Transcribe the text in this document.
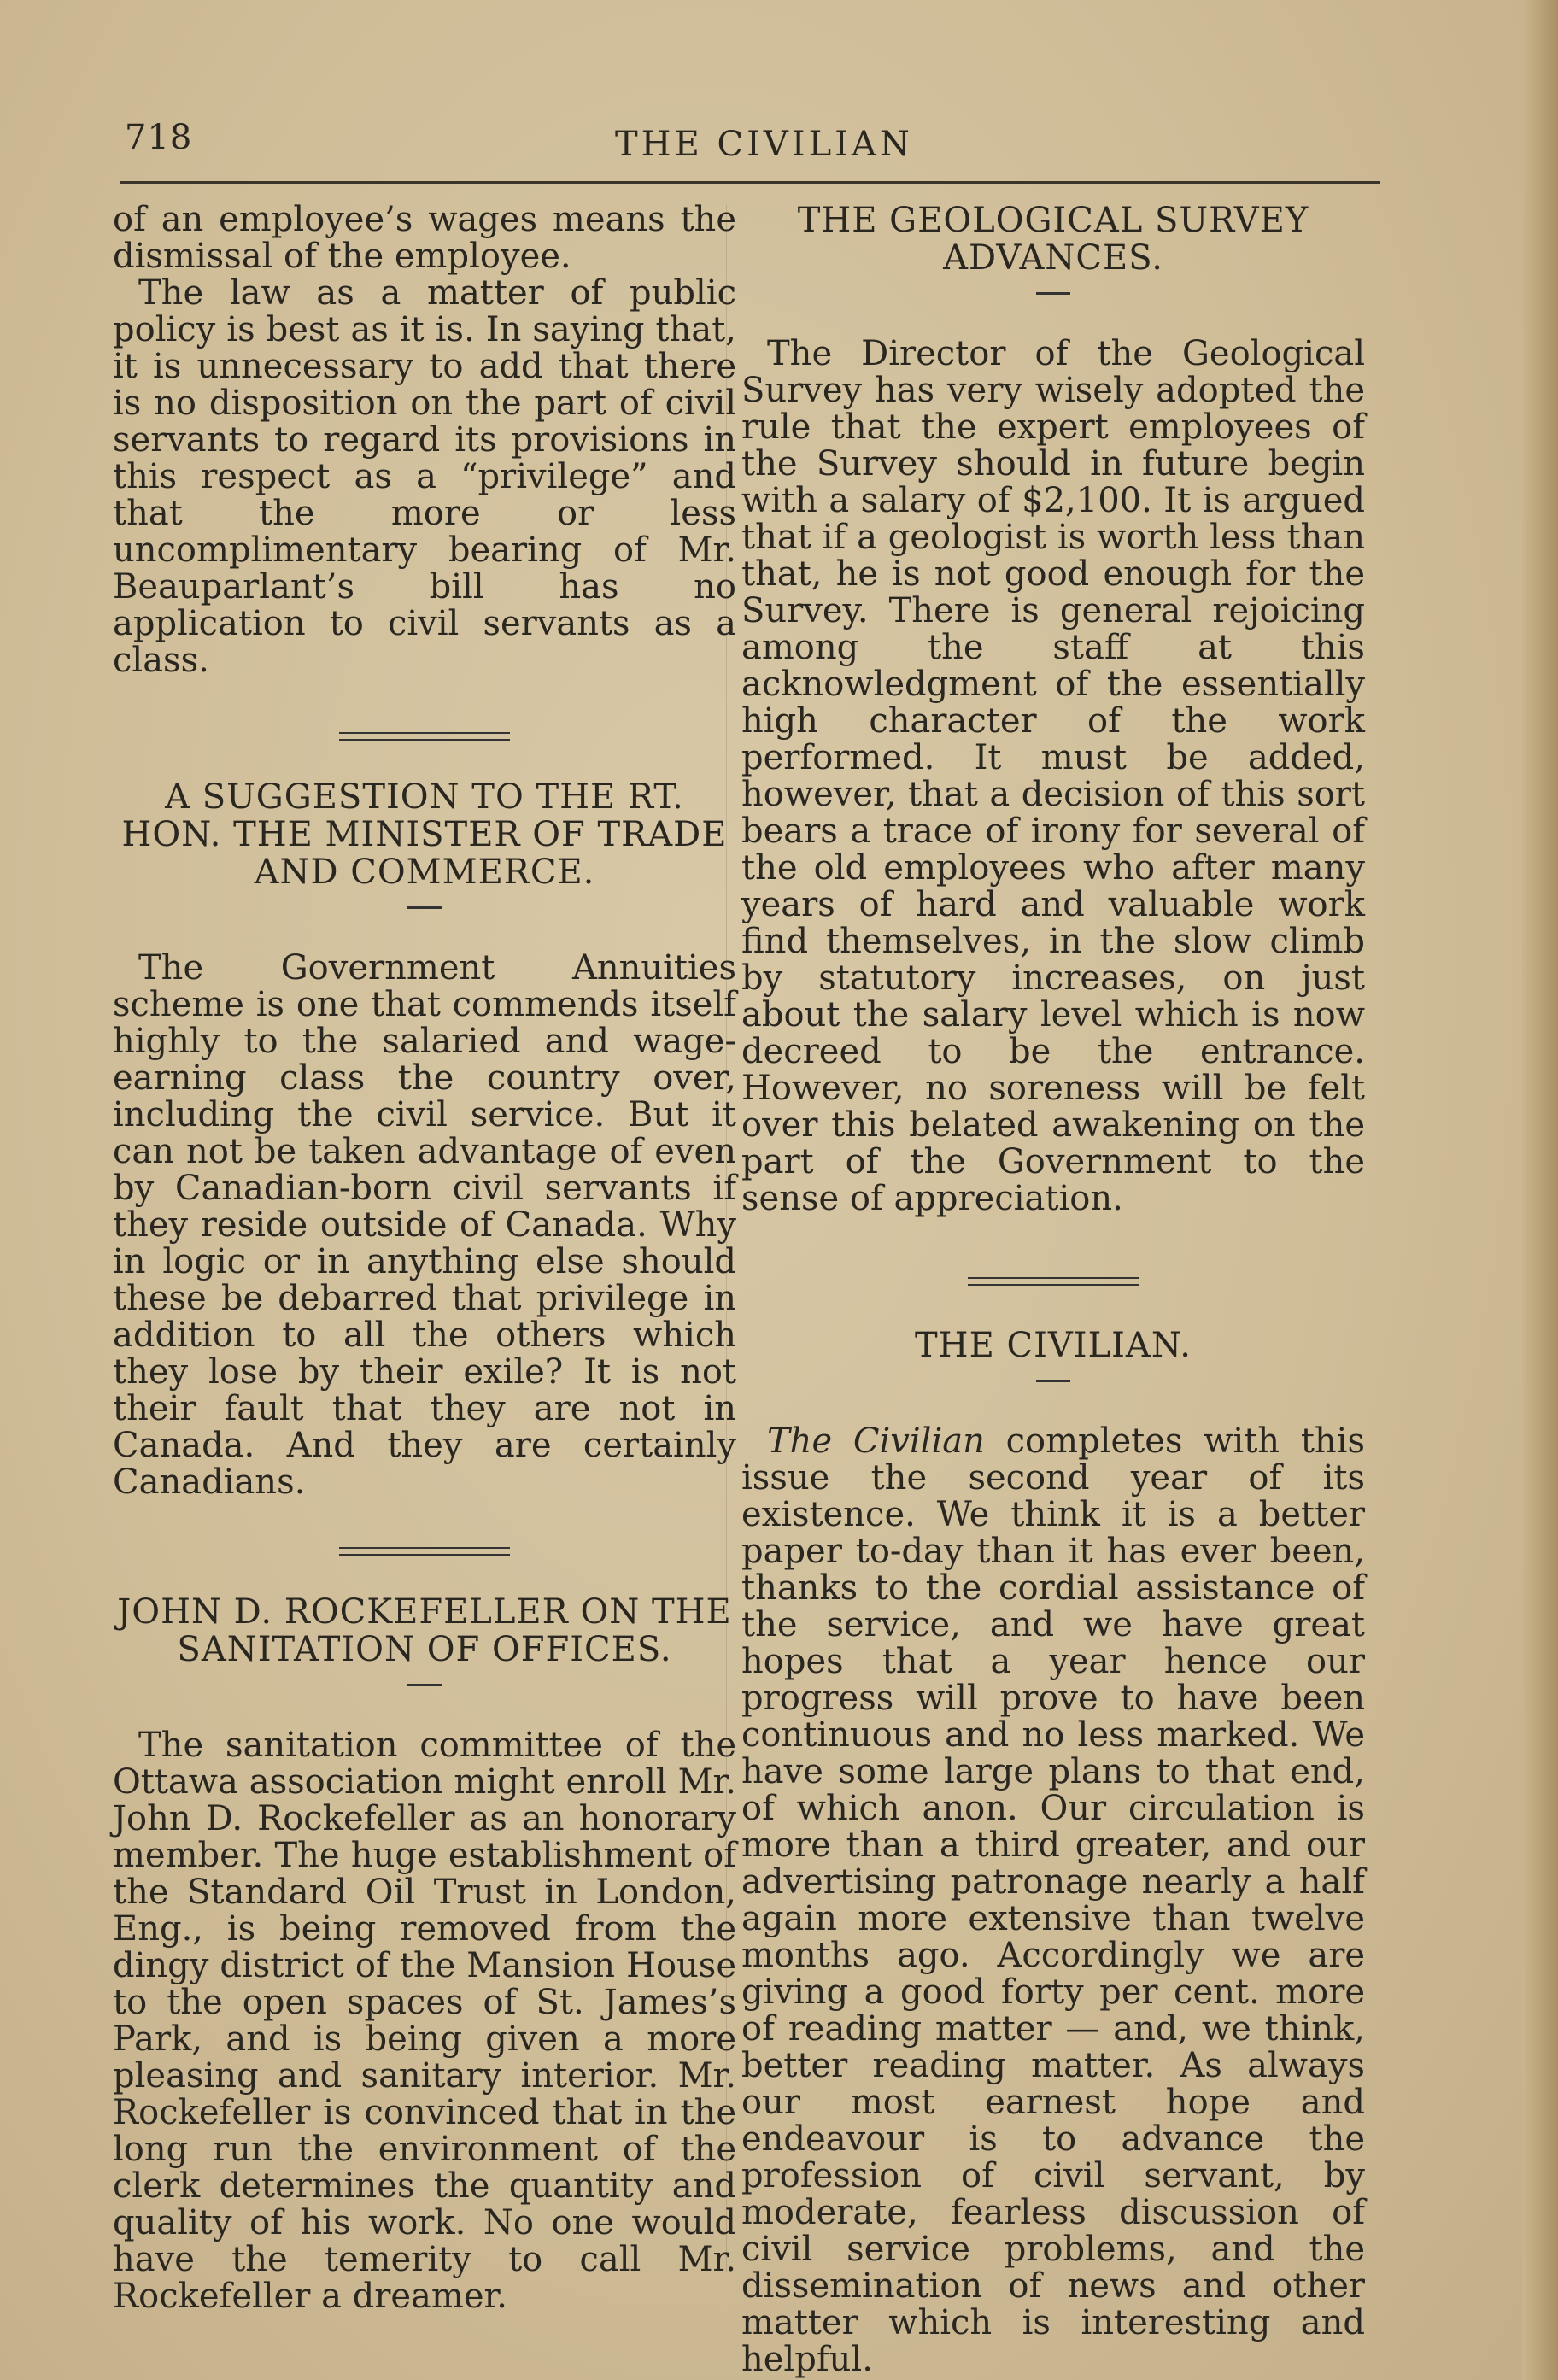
718	THE CIVILIAN

of an employee’s wages means the dismissal of the employee.

The law as a matter of public policy is best as it is. In saying that, it is unnecessary to add that there is no disposition on the part of civil servants to regard its provisions in this respect as a “privilege” and that the more or less uncomplimentary bearing of Mr. Beauparlant’s bill has no application to civil servants as a class.

A SUGGESTION TO THE RT. HON. THE MINISTER OF TRADE AND COMMERCE.

The Government Annuities scheme is one that commends itself highly to the salaried and wage-earning class the country over, including the civil service. But it can not be taken advantage of even by Canadian-born civil servants if they reside outside of Canada. Why in logic or in anything else should these be debarred that privilege in addition to all the others which they lose by their exile? It is not their fault that they are not in Canada. And they are certainly Canadians.

JOHN D. ROCKEFELLER ON THE SANITATION OF OFFICES.

The sanitation committee of the Ottawa association might enroll Mr. John D. Rockefeller as an honorary member. The huge establishment of the Standard Oil Trust in London, Eng., is being removed from the dingy district of the Mansion House to the open spaces of St. James’s Park, and is being given a more pleasing and sanitary interior. Mr. Rockefeller is convinced that in the long run the environment of the clerk determines the quantity and quality of his work. No one would have the temerity to call Mr. Rockefeller a dreamer.

THE GEOLOGICAL SURVEY ADVANCES.

The Director of the Geological Survey has very wisely adopted the rule that the expert employees of the Survey should in future begin with a salary of $2,100. It is argued that if a geologist is worth less than that, he is not good enough for the Survey. There is general rejoicing among the staff at this acknowledgment of the essentially high character of the work performed. It must be added, however, that a decision of this sort bears a trace of irony for several of the old employees who after many years of hard and valuable work find themselves, in the slow climb by statutory increases, on just about the salary level which is now decreed to be the entrance. However, no soreness will be felt over this belated awakening on the part of the Government to the sense of appreciation.

THE CIVILIAN.

The Civilian completes with this issue the second year of its existence. We think it is a better paper to-day than it has ever been, thanks to the cordial assistance of the service, and we have great hopes that a year hence our progress will prove to have been continuous and no less marked. We have some large plans to that end, of which anon. Our circulation is more than a third greater, and our advertising patronage nearly a half again more extensive than twelve months ago. Accordingly we are giving a good forty per cent. more of reading matter — and, we think, better reading matter. As always our most earnest hope and endeavour is to advance the profession of civil servant, by moderate, fearless discussion of civil service problems, and the dissemination of news and other matter which is interesting and helpful.
